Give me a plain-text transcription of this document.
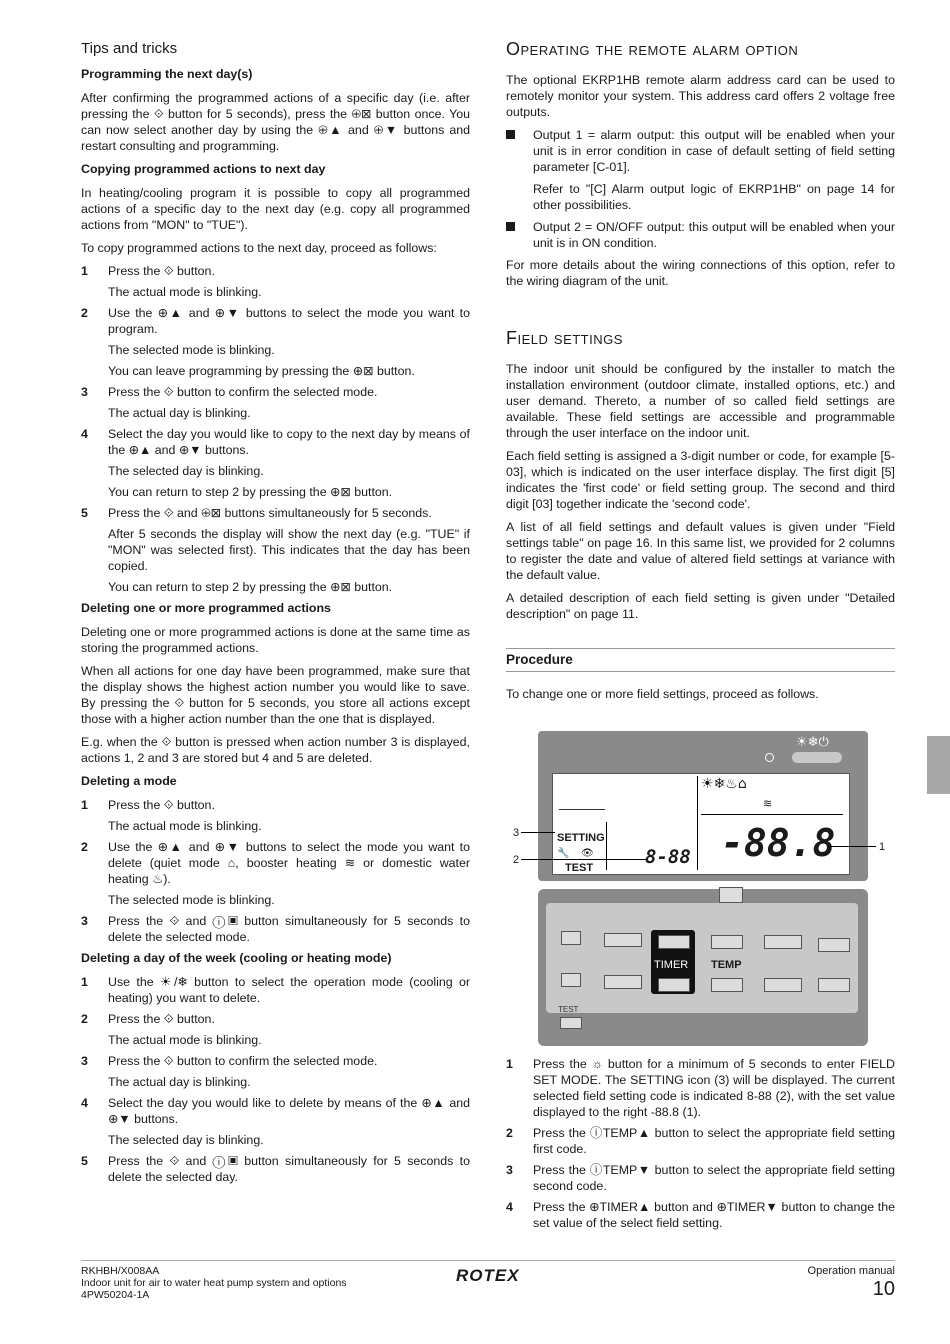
Tips and tricks
Programming the next day(s)

After confirming the programmed actions of a specific day (i.e. after pressing the ⟐ button for 5 seconds), press the ⊕⊠ button once. You can now select another day by using the ⊕▲ and ⊕▼ buttons and restart consulting and programming.

Copying programmed actions to next day

In heating/cooling program it is possible to copy all programmed actions of a specific day to the next day (e.g. copy all programmed actions from "MON" to "TUE").

To copy programmed actions to the next day, proceed as follows:

1 Press the ⟐ button.

The actual mode is blinking.

2 Use the ⊕▲ and ⊕▼ buttons to select the mode you want to program.

The selected mode is blinking.

You can leave programming by pressing the ⊕⊠ button.

3 Press the ⟐ button to confirm the selected mode.

The actual day is blinking.

4 Select the day you would like to copy to the next day by means of the ⊕▲ and ⊕▼ buttons.

The selected day is blinking.

You can return to step 2 by pressing the ⊕⊠ button.

5 Press the ⟐ and ⊕⊠ buttons simultaneously for 5 seconds.

After 5 seconds the display will show the next day (e.g. "TUE" if "MON" was selected first). This indicates that the day has been copied.

You can return to step 2 by pressing the ⊕⊠ button.

Deleting one or more programmed actions

Deleting one or more programmed actions is done at the same time as storing the programmed actions.

When all actions for one day have been programmed, make sure that the display shows the highest action number you would like to save. By pressing the ⟐ button for 5 seconds, you store all actions except those with a higher action number than the one that is displayed.

E.g. when the ⟐ button is pressed when action number 3 is displayed, actions 1, 2 and 3 are stored but 4 and 5 are deleted.

Deleting a mode
1 Press the ⟐ button.

The actual mode is blinking.

2 Use the ⊕▲ and ⊕▼ buttons to select the mode you want to delete (quiet mode ⌂, booster heating ≋ or domestic water heating ♨).

The selected mode is blinking.

3 Press the ⟐ and ⓘ▣ button simultaneously for 5 seconds to delete the selected mode.

Deleting a day of the week (cooling or heating mode)
1 Use the ☀/❄ button to select the operation mode (cooling or heating) you want to delete.

2 Press the ⟐ button.

The actual mode is blinking.

3 Press the ⟐ button to confirm the selected mode.

The actual day is blinking.

4 Select the day you would like to delete by means of the ⊕▲ and ⊕▼ buttons.

The selected day is blinking.

5 Press the ⟐ and ⓘ▣ button simultaneously for 5 seconds to delete the selected day.

Operating the remote alarm option

The optional EKRP1HB remote alarm address card can be used to remotely monitor your system. This address card offers 2 voltage free outputs.

Output 1 = alarm output: this output will be enabled when your unit is in error condition in case of default setting of field setting parameter [C-01].

Refer to "[C] Alarm output logic of EKRP1HB" on page 14 for other possibilities.

Output 2 = ON/OFF output: this output will be enabled when your unit is in ON condition.

For more details about the wiring connections of this option, refer to the wiring diagram of the unit.

Field settings

The indoor unit should be configured by the installer to match the installation environment (outdoor climate, installed options, etc.) and user demand. Thereto, a number of so called field settings are available. These field settings are accessible and programmable through the user interface on the indoor unit.

Each field setting is assigned a 3-digit number or code, for example [5-03], which is indicated on the user interface display. The first digit [5] indicates the 'first code' or field setting group. The second and third digit [03] together indicate the 'second code'.

A list of all field settings and default values is given under "Field settings table" on page 16. In this same list, we provided for 2 columns to register the date and value of altered field settings at variance with the default value.

A detailed description of each field setting is given under "Detailed description" on page 11.

Procedure

To change one or more field settings, proceed as follows.

☀❄⏻
SETTING
🔧 👁
TEST	8-88
☀❄♨⌂
≋
-88.8
TIMER TEMP
TEST
3
2
1
1 Press the ☼ button for a minimum of 5 seconds to enter FIELD SET MODE. The SETTING icon (3) will be displayed. The current selected field setting code is indicated 8-88 (2), with the set value displayed to the right -88.8 (1).
2 Press the ⓘTEMP▲ button to select the appropriate field setting first code.
3 Press the ⓘTEMP▼ button to select the appropriate field setting second code.
4 Press the ⊕TIMER▲ button and ⊕TIMER▼ button to change the set value of the select field setting.
RKHBH/X008AA
Indoor unit for air to water heat pump system and options
4PW50204-1A
ROTEX	Operation manual
10
